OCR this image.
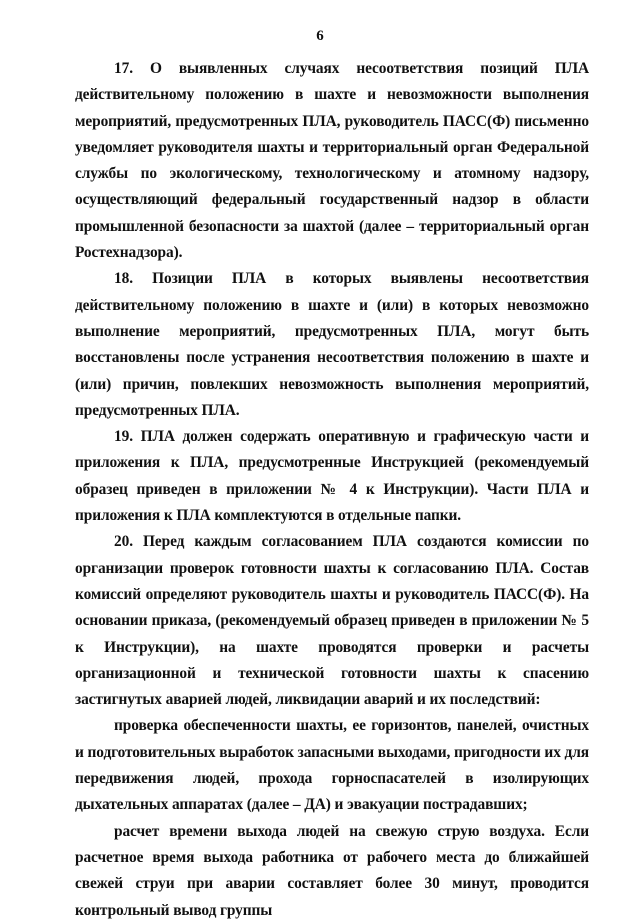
6

17. О выявленных случаях несоответствия позиций ПЛА действительному положению в шахте и невозможности выполнения мероприятий, предусмотренных ПЛА, руководитель ПАСС(Ф) письменно уведомляет руководителя шахты и территориальный орган Федеральной службы по экологическому, технологическому и атомному надзору, осуществляющий федеральный государственный надзор в области промышленной безопасности за шахтой (далее – территориальный орган Ростехнадзора).

18. Позиции ПЛА в которых выявлены несоответствия действительному положению в шахте и (или) в которых невозможно выполнение мероприятий, предусмотренных ПЛА, могут быть восстановлены после устранения несоответствия положению в шахте и (или) причин, повлекших невозможность выполнения мероприятий, предусмотренных ПЛА.

19. ПЛА должен содержать оперативную и графическую части и приложения к ПЛА, предусмотренные Инструкцией (рекомендуемый образец приведен в приложении № 4 к Инструкции). Части ПЛА и приложения к ПЛА комплектуются в отдельные папки.

20. Перед каждым согласованием ПЛА создаются комиссии по организации проверок готовности шахты к согласованию ПЛА. Состав комиссий определяют руководитель шахты и руководитель ПАСС(Ф). На основании приказа, (рекомендуемый образец приведен в приложении № 5 к Инструкции), на шахте проводятся проверки и расчеты организационной и технической готовности шахты к спасению застигнутых аварией людей, ликвидации аварий и их последствий:

проверка обеспеченности шахты, ее горизонтов, панелей, очистных и подготовительных выработок запасными выходами, пригодности их для передвижения людей, прохода горноспасателей в изолирующих дыхательных аппаратах (далее – ДА) и эвакуации пострадавших;

расчет времени выхода людей на свежую струю воздуха. Если расчетное время выхода работника от рабочего места до ближайшей свежей струи при аварии составляет более 30 минут, проводится контрольный вывод группы
